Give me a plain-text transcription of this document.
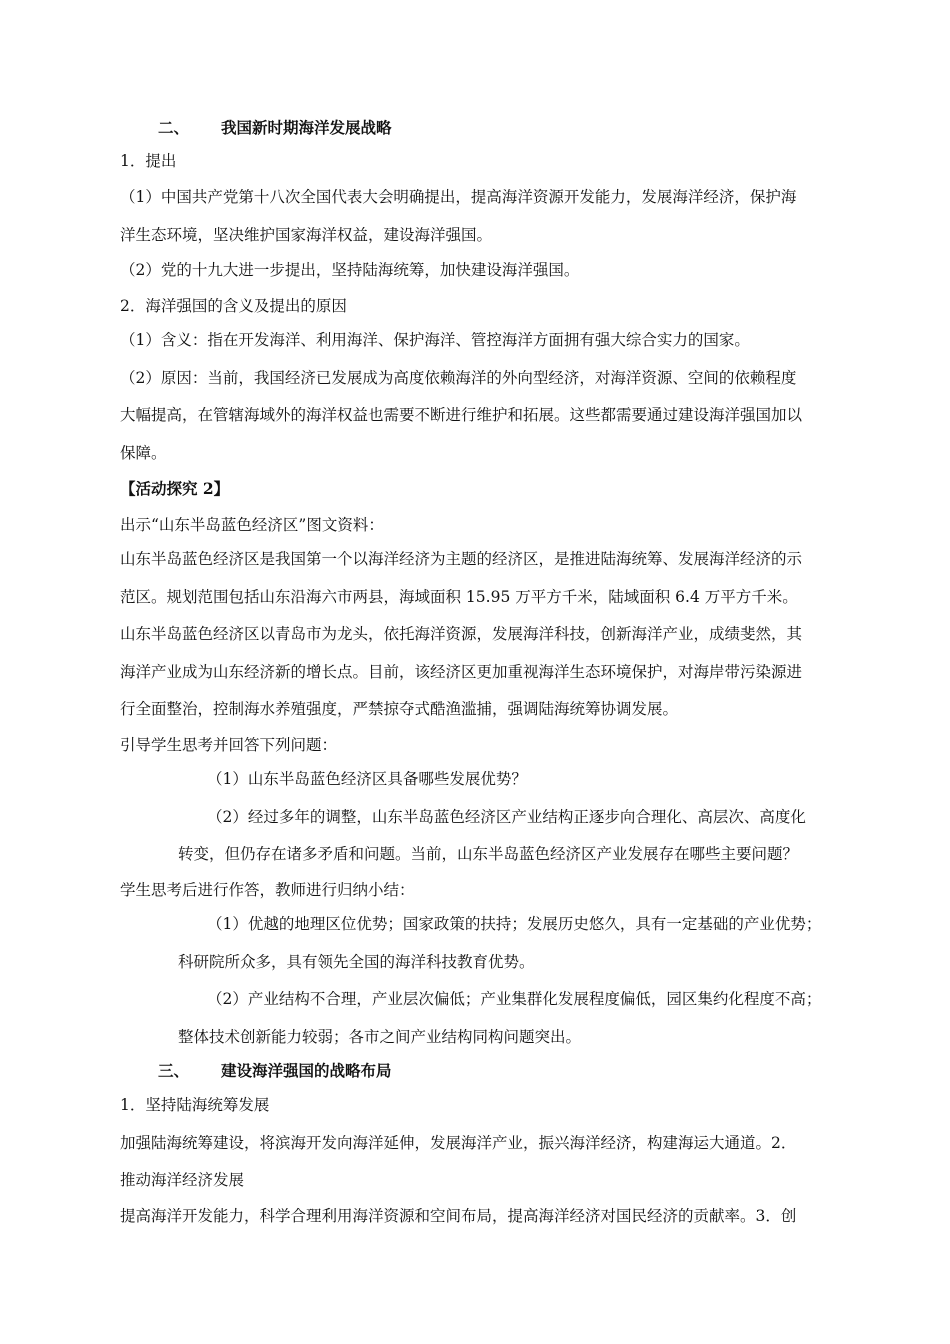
二、 我国新时期海洋发展战略
1．提出
（1）中国共产党第十八次全国代表大会明确提出，提高海洋资源开发能力，发展海洋经济，保护海
洋生态环境，坚决维护国家海洋权益，建设海洋强国。
（2）党的十九大进一步提出，坚持陆海统筹，加快建设海洋强国。
2．海洋强国的含义及提出的原因
（1）含义：指在开发海洋、利用海洋、保护海洋、管控海洋方面拥有强大综合实力的国家。
（2）原因：当前，我国经济已发展成为高度依赖海洋的外向型经济，对海洋资源、空间的依赖程度
大幅提高，在管辖海域外的海洋权益也需要不断进行维护和拓展。这些都需要通过建设海洋强国加以
保障。
【活动探究 2】
出示“山东半岛蓝色经济区”图文资料：
山东半岛蓝色经济区是我国第一个以海洋经济为主题的经济区，是推进陆海统筹、发展海洋经济的示
范区。规划范围包括山东沿海六市两县，海域面积 15.95 万平方千米，陆域面积 6.4 万平方千米。
山东半岛蓝色经济区以青岛市为龙头，依托海洋资源，发展海洋科技，创新海洋产业，成绩斐然，其
海洋产业成为山东经济新的增长点。目前，该经济区更加重视海洋生态环境保护，对海岸带污染源进
行全面整治，控制海水养殖强度，严禁掠夺式酷渔滥捕，强调陆海统筹协调发展。
引导学生思考并回答下列问题：
（1）山东半岛蓝色经济区具备哪些发展优势？
（2）经过多年的调整，山东半岛蓝色经济区产业结构正逐步向合理化、高层次、高度化
转变，但仍存在诸多矛盾和问题。当前，山东半岛蓝色经济区产业发展存在哪些主要问题？
学生思考后进行作答，教师进行归纳小结：
（1）优越的地理区位优势；国家政策的扶持；发展历史悠久，具有一定基础的产业优势；
科研院所众多，具有领先全国的海洋科技教育优势。
（2）产业结构不合理，产业层次偏低；产业集群化发展程度偏低，园区集约化程度不高；
整体技术创新能力较弱；各市之间产业结构同构问题突出。
三、 建设海洋强国的战略布局
1．坚持陆海统筹发展
加强陆海统筹建设，将滨海开发向海洋延伸，发展海洋产业，振兴海洋经济，构建海运大通道。2．
推动海洋经济发展
提高海洋开发能力，科学合理利用海洋资源和空间布局，提高海洋经济对国民经济的贡献率。3．创
